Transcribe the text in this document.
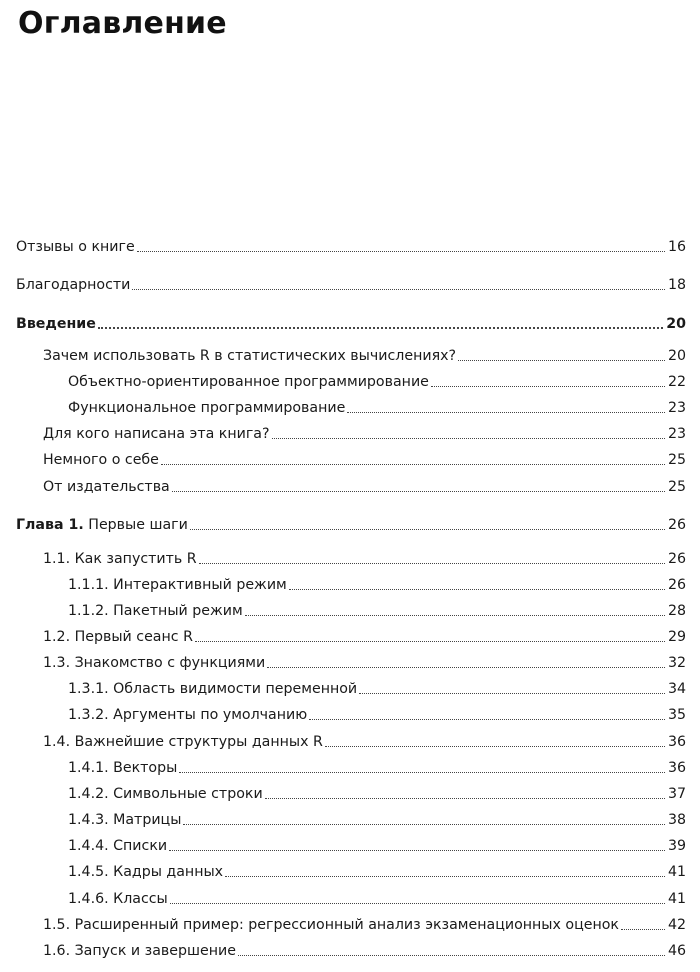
Оглавление
Отзывы о книге	16
Благодарности	18
Введение	20
Зачем использовать R в статистических вычислениях?	20
Объектно-ориентированное программирование	22
Функциональное программирование	23
Для кого написана эта книга?	23
Немного о себе	25
От издательства	25
Глава 1. Первые шаги	26
1.1. Как запустить R	26
1.1.1. Интерактивный режим	26
1.1.2. Пакетный режим	28
1.2. Первый сеанс R	29
1.3. Знакомство с функциями	32
1.3.1. Область видимости переменной	34
1.3.2. Аргументы по умолчанию	35
1.4. Важнейшие структуры данных R	36
1.4.1. Векторы	36
1.4.2. Символьные строки	37
1.4.3. Матрицы	38
1.4.4. Списки	39
1.4.5. Кадры данных	41
1.4.6. Классы	41
1.5. Расширенный пример: регрессионный анализ экзаменационных оценок	42
1.6. Запуск и завершение	46
